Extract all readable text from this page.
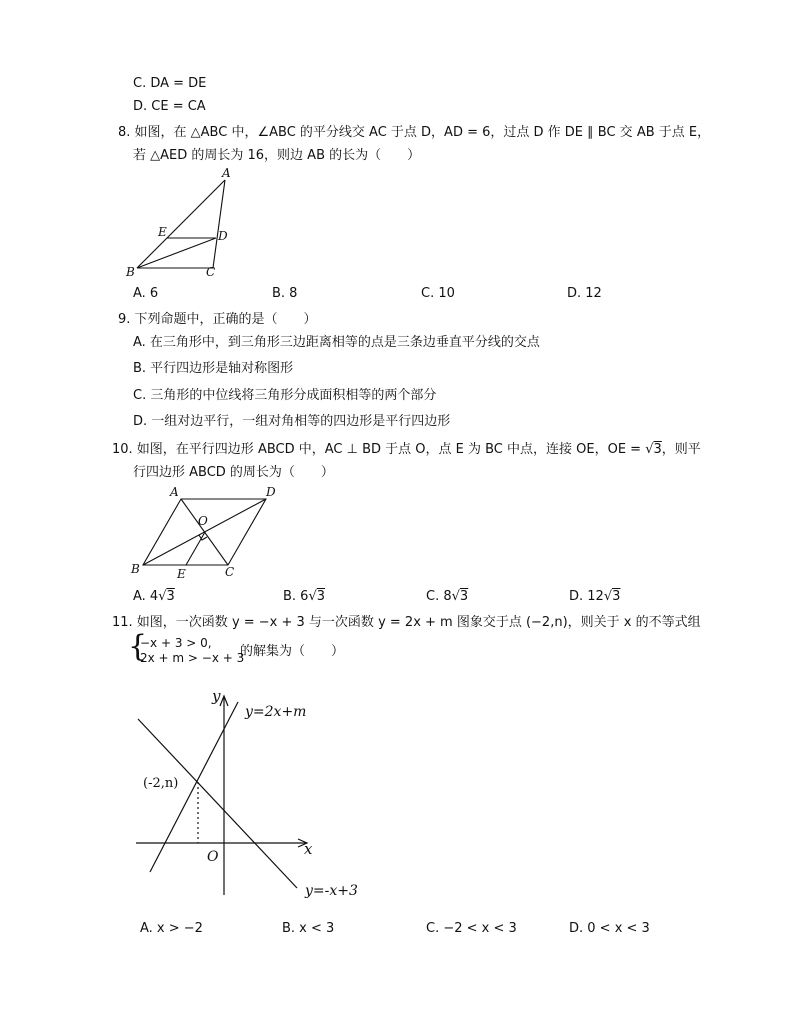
C. DA = DE
D. CE = CA
8. 如图，在 △ABC 中，∠ABC 的平分线交 AC 于点 D，AD = 6，过点 D 作 DE ∥ BC 交 AB 于点 E，
若 △AED 的周长为 16，则边 AB 的长为（　　）
A
E	D
B	C
A. 6	B. 8	C. 10	D. 12
9. 下列命题中，正确的是（　　）
A. 在三角形中，到三角形三边距离相等的点是三条边垂直平分线的交点
B. 平行四边形是轴对称图形
C. 三角形的中位线将三角形分成面积相等的两个部分
D. 一组对边平行，一组对角相等的四边形是平行四边形
10. 如图，在平行四边形 ABCD 中，AC ⊥ BD 于点 O，点 E 为 BC 中点，连接 OE，OE = √3，则平
行四边形 ABCD 的周长为（　　）
A	D
O
B	E	C
A. 4√3	B. 6√3	C. 8√3	D. 12√3
11. 如图，一次函数 y = −x + 3 与一次函数 y = 2x + m 图象交于点 (−2,n)，则关于 x 的不等式组
{
−x + 3 > 0,
2x + m > −x + 3
的解集为（　　）
y
y=2x+m
(-2,n)
x
O
y=-x+3
A. x > −2	B. x < 3	C. −2 < x < 3	D. 0 < x < 3
